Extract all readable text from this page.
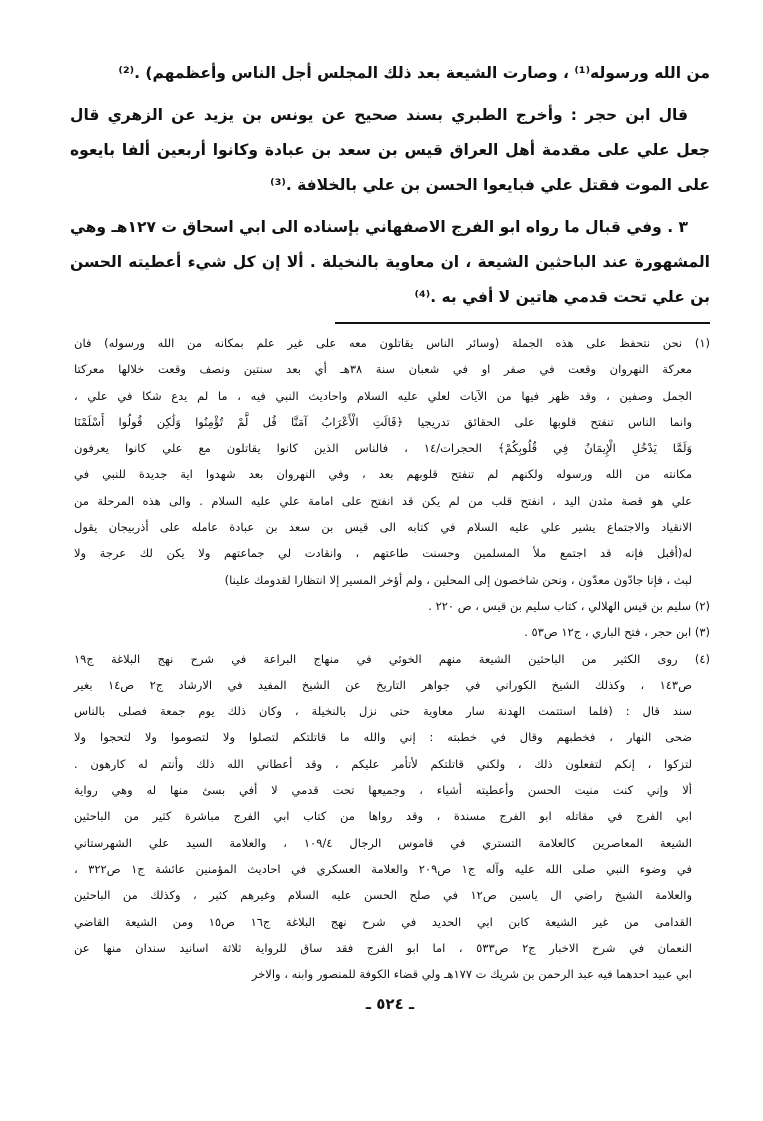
من الله ورسوله⁽¹⁾ ، وصارت الشيعة بعد ذلك المجلس أجل الناس وأعظمهم) .⁽²⁾
قال ابن حجر : وأخرج الطبري بسند صحيح عن يونس بن يزيد عن الزهري قال
جعل علي على مقدمة أهل العراق قيس بن سعد بن عبادة وكانوا أربعين ألفا بايعوه
على الموت فقتل علي فبايعوا الحسن بن علي بالخلافة .⁽³⁾
٣ . وفي قبال ما رواه ابو الفرج الاصفهاني بإسناده الى ابي اسحاق ت ١٢٧هـ وهي
المشهورة عند الباحثين الشيعة ، ان معاوية بالنخيلة . ألا إن كل شيء أعطيته الحسن
بن علي تحت قدمي هاتين لا أفي به .⁽⁴⁾
(١) نحن نتحفظ على هذه الجملة (وسائر الناس يقاتلون معه على غير علم بمكانه من الله ورسوله) فان
معركة النهروان وقعت في صفر او في شعبان سنة ٣٨هـ أي بعد سنتين ونصف وقعت خلالها معركتا
الجمل وصفين ، وقد ظهر فيها من الآيات لعلي عليه السلام واحاديث النبي فيه ، ما لم يدع شكا في علي ،
وانما الناس تنفتح قلوبها على الحقائق تدريجيا ﴿قَالَتِ الْأَعْرَابُ آمَنَّا قُل لَّمْ تُؤْمِنُوا وَلَٰكِن قُولُوا أَسْلَمْنَا
وَلَمَّا يَدْخُلِ الْإِيمَانُ فِي قُلُوبِكُمْ﴾ الحجرات/١٤ ، فالناس الذين كانوا يقاتلون مع علي كانوا يعرفون
مكانته من الله ورسوله ولكنهم لم تنفتح قلوبهم بعد ، وفي النهروان بعد شهدوا اية جديدة للنبي في
علي هو قصة مثدن اليد ، انفتح قلب من لم يكن قد انفتح على امامة علي عليه السلام . والى هذه المرحلة من
الانقياد والاجتماع يشير علي عليه السلام في كتابه الى قيس بن سعد بن عبادة عامله على أذربيجان يقول
له(أقبل فإنه قد اجتمع ملأ المسلمين وحسنت طاعتهم ، وانقادت لي جماعتهم ولا يكن لك عرجة ولا
لبث ، فإنا جادّون معدّون ، ونحن شاخصون إلى المحلين ، ولم أؤخر المسير إلا انتظارا لقدومك علينا)
(٢) سليم بن قيس الهلالي ، كتاب سليم بن قيس ، ص ٢٢٠ .
(٣) ابن حجر ، فتح الباري ، ج١٢ ص٥٣ .
(٤) روى الكثير من الباحثين الشيعة منهم الخوئي في منهاج البراعة في شرح نهج البلاغة ج١٩
ص١٤٣ ، وكذلك الشيخ الكوراني في جواهر التاريخ عن الشيخ المفيد في الارشاد ج٢ ص١٤ بغير
سند قال : (فلما استتمت الهدنة سار معاوية حتى نزل بالنخيلة ، وكان ذلك يوم جمعة فصلى بالناس
ضحى النهار ، فخطبهم وقال في خطبته : إني والله ما قاتلتكم لتصلوا ولا لتصوموا ولا لتحجوا ولا
لتزكوا ، إنكم لتفعلون ذلك ، ولكني قاتلتكم لأتأمر عليكم ، وقد أعطاني الله ذلك وأنتم له كارهون .
ألا وإني كنت منيت الحسن وأعطيته أشياء ، وجميعها تحت قدمي لا أفي بسئ منها له وهي رواية
ابي الفرج في مقاتله ابو الفرج مسندة ، وقد رواها من كتاب ابي الفرج مباشرة كثير من الباحثين
الشيعة المعاصرين كالعلامة التستري في قاموس الرجال ١٠٩/٤ ، والعلامة السيد علي الشهرستاني
في وضوء النبي صلى الله عليه وآله ج١ ص٢٠٩ والعلامة العسكري في احاديث المؤمنين عائشة ج١ ص٣٢٢ ،
والعلامة الشيخ راضي ال ياسين ص١٢ في صلح الحسن عليه السلام وغيرهم كثير ، وكذلك من الباحثين
القدامى من غير الشيعة كابن ابي الحديد في شرح نهج البلاغة ج١٦ ص١٥ ومن الشيعة القاضي
النعمان في شرح الاخبار ج٢ ص٥٣٣ ، اما ابو الفرج فقد ساق للرواية ثلاثة اسانيد سندان منها عن
ابي عبيد احدهما فيه عبد الرحمن بن شريك ت ١٧٧هـ ولي قضاء الكوفة للمنصور وابنه ، والاخر
ـ ٥٢٤ ـ
